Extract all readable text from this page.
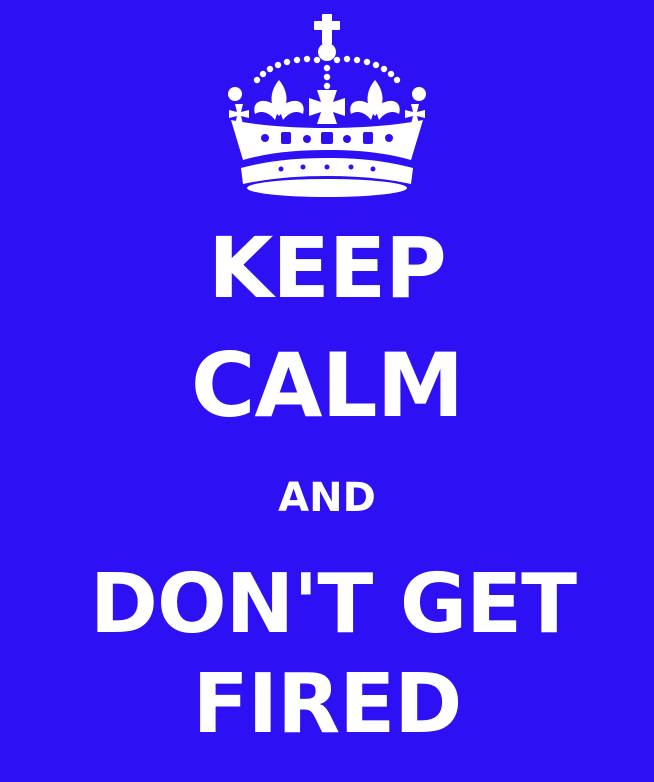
KEEP
CALM
AND
DON'T GET
FIRED
